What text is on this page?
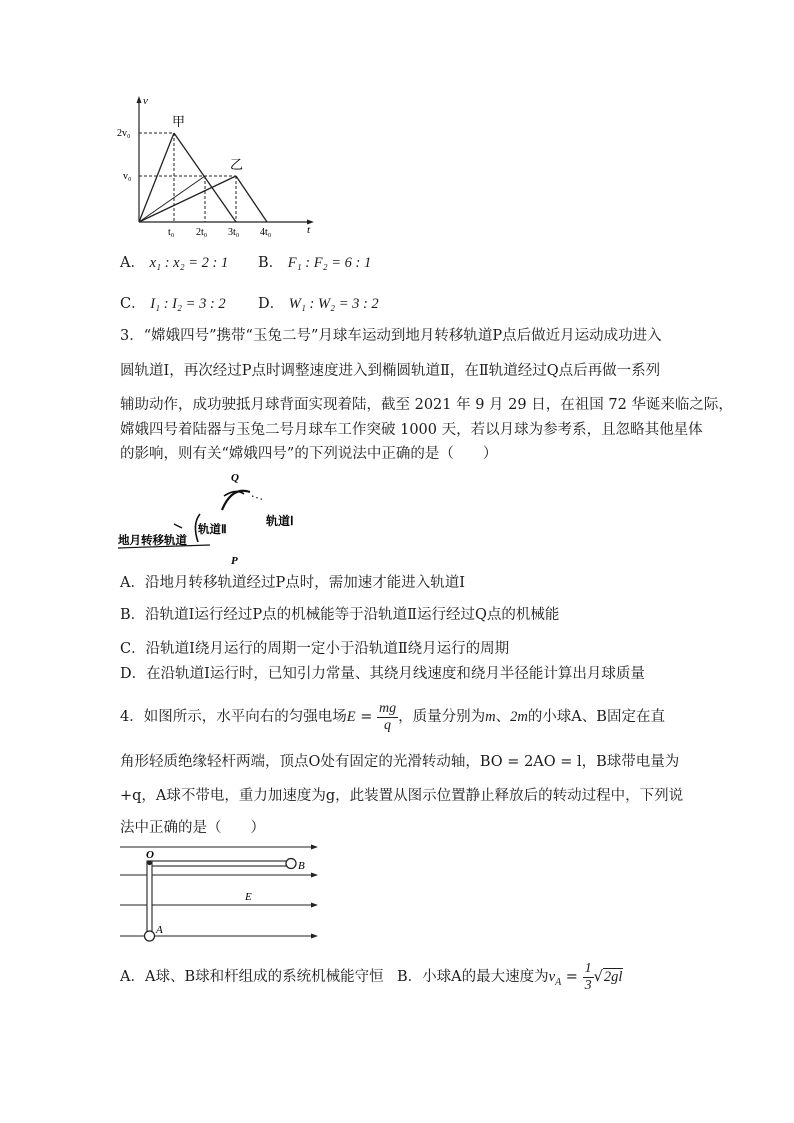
v
t
甲
乙
2v₀
v₀
t₀ 2t₀ 3t₀ 4t₀
A． x₁ : x₂ = 2 : 1 B． F₁ : F₂ = 6 : 1
C． I₁ : I₂ = 3 : 2 D． W₁ : W₂ = 3 : 2
3．“嫦娥四号”携带“玉兔二号”月球车运动到地月转移轨道P点后做近月运动成功进入
圆轨道Ⅰ，再次经过P点时调整速度进入到椭圆轨道Ⅱ，在Ⅱ轨道经过Q点后再做一系列
辅助动作，成功驶抵月球背面实现着陆，截至 2021 年 9 月 29 日，在祖国 72 华诞来临之际，
嫦娥四号着陆器与玉兔二号月球车工作突破 1000 天，若以月球为参考系，且忽略其他星体
的影响，则有关“嫦娥四号”的下列说法中正确的是（　　）
Q
轨道Ⅰ
轨道Ⅱ
地月转移轨道
P
A．沿地月转移轨道经过P点时，需加速才能进入轨道Ⅰ
B．沿轨道Ⅰ运行经过P点的机械能等于沿轨道Ⅱ运行经过Q点的机械能
C．沿轨道Ⅰ绕月运行的周期一定小于沿轨道Ⅱ绕月运行的周期
D．在沿轨道Ⅰ运行时，已知引力常量、其绕月线速度和绕月半径能计算出月球质量
4．如图所示，水平向右的匀强电场$E = \frac{mg}{q}$ ，质量分别为m、2m的小球A、B固定在直
角形轻质绝缘轻杆两端，顶点O处有固定的光滑转动轴，BO = 2AO = l，B球带电量为
+q，A球不带电，重力加速度为g，此装置从图示位置静止释放后的转动过程中，下列说
法中正确的是（　　）
O
B
E
A
A．A球、B球和杆组成的系统机械能守恒 B．小球A的最大速度为$v_A = \frac{1}{3} √2gl$
